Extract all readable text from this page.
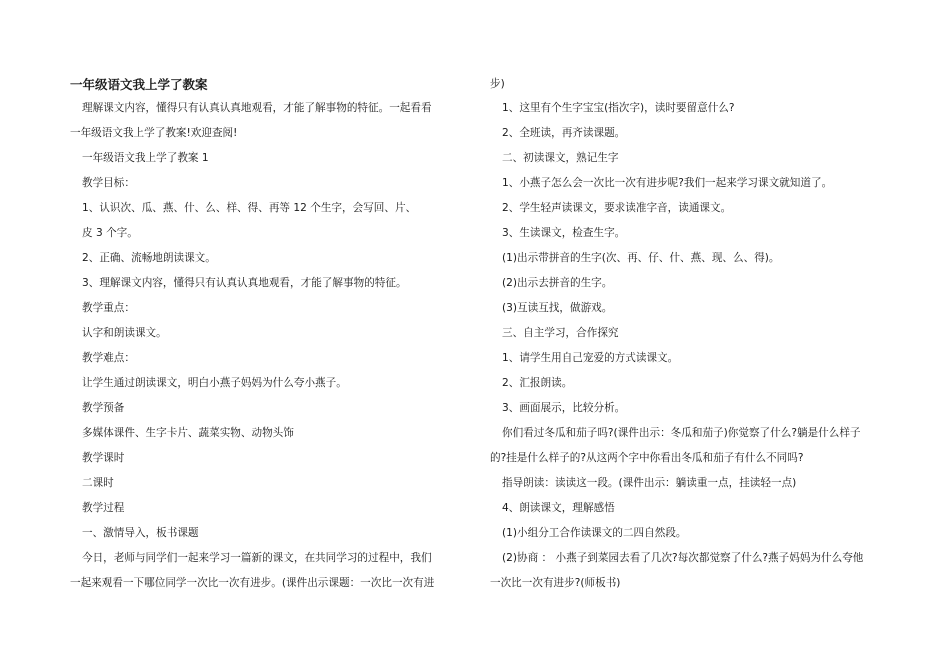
一年级语文我上学了教案
理解课文内容，懂得只有认真认真地观看，才能了解事物的特征。一起看看
一年级语文我上学了教案!欢迎查阅!
一年级语文我上学了教案 1
教学目标：
1、认识次、瓜、燕、什、么、样、得、再等 12 个生字，会写回、片、
皮 3 个字。
2、正确、流畅地朗读课文。
3、理解课文内容，懂得只有认真认真地观看，才能了解事物的特征。
教学重点：
认字和朗读课文。
教学难点：
让学生通过朗读课文，明白小燕子妈妈为什么夸小燕子。
教学预备
多媒体课件、生字卡片、蔬菜实物、动物头饰
教学课时
二课时
教学过程
一、激情导入，板书课题
今日，老师与同学们一起来学习一篇新的课文，在共同学习的过程中，我们
一起来观看一下哪位同学一次比一次有进步。(课件出示课题：一次比一次有进
步)
1、这里有个生字宝宝(指次字)，读时要留意什么?
2、全班读，再齐读课题。
二、初读课文，熟记生字
1、小燕子怎么会一次比一次有进步呢?我们一起来学习课文就知道了。
2、学生轻声读课文，要求读准字音，读通课文。
3、生读课文，检查生字。
(1)出示带拼音的生字(次、再、仔、什、燕、现、么、得)。
(2)出示去拼音的生字。
(3)互读互找，做游戏。
三、自主学习，合作探究
1、请学生用自己宠爱的方式读课文。
2、汇报朗读。
3、画面展示，比较分析。
你们看过冬瓜和茄子吗?(课件出示：冬瓜和茄子)你觉察了什么?躺是什么样子
的?挂是什么样子的?从这两个字中你看出冬瓜和茄子有什么不同吗?
指导朗读：读读这一段。(课件出示：躺读重一点，挂读轻一点)
4、朗读课文，理解感悟
(1)小组分工合作读课文的二四自然段。
(2)协商 ： 小燕子到菜园去看了几次?每次都觉察了什么?燕子妈妈为什么夸他
一次比一次有进步?(师板书)
